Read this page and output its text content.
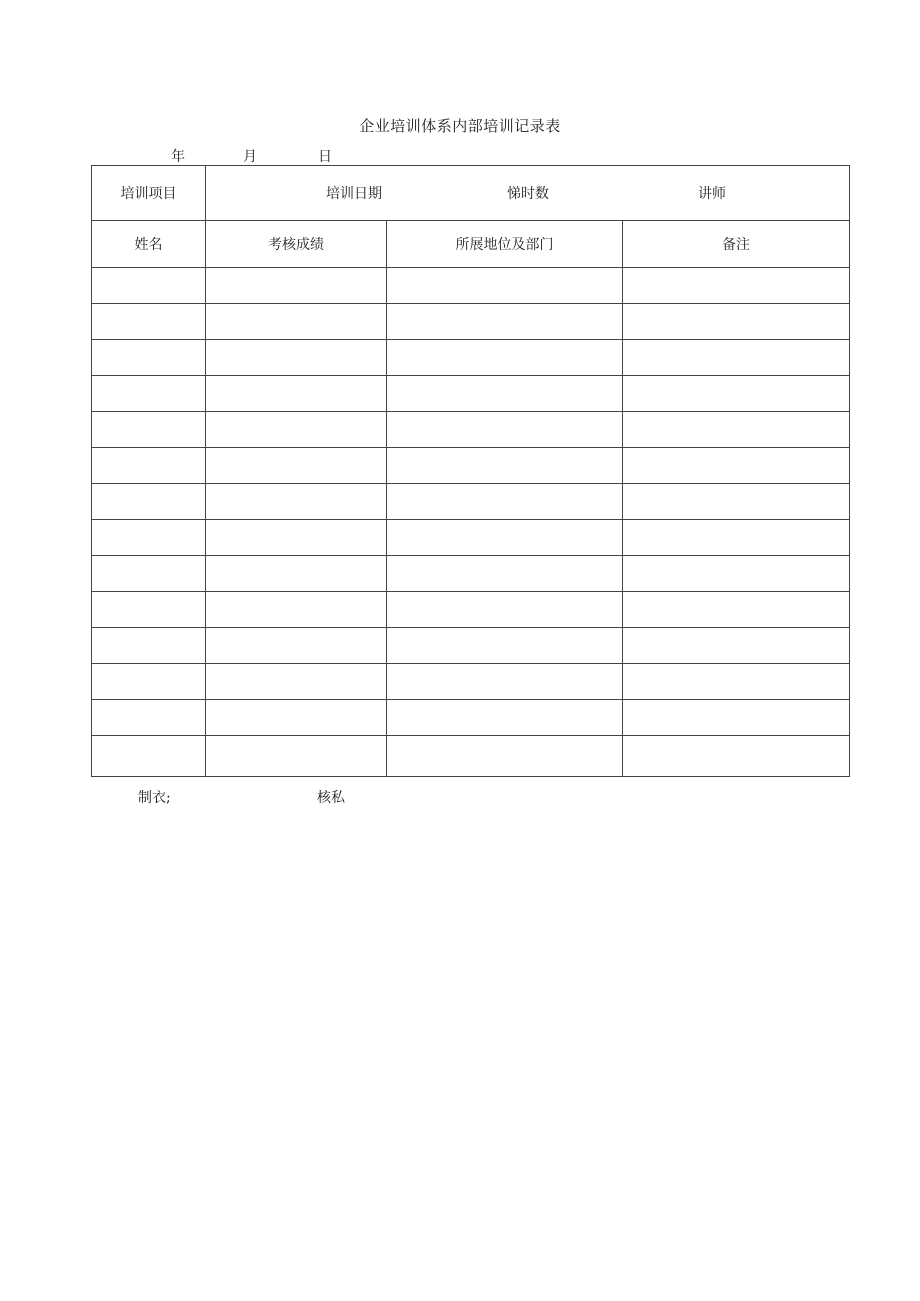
企业培训体系内部培训记录表
年	月	日
培训项目	培训日期 悌时数 讲师		

姓名	考核成绩	所展地位及部门	备注

制衣;	核私
